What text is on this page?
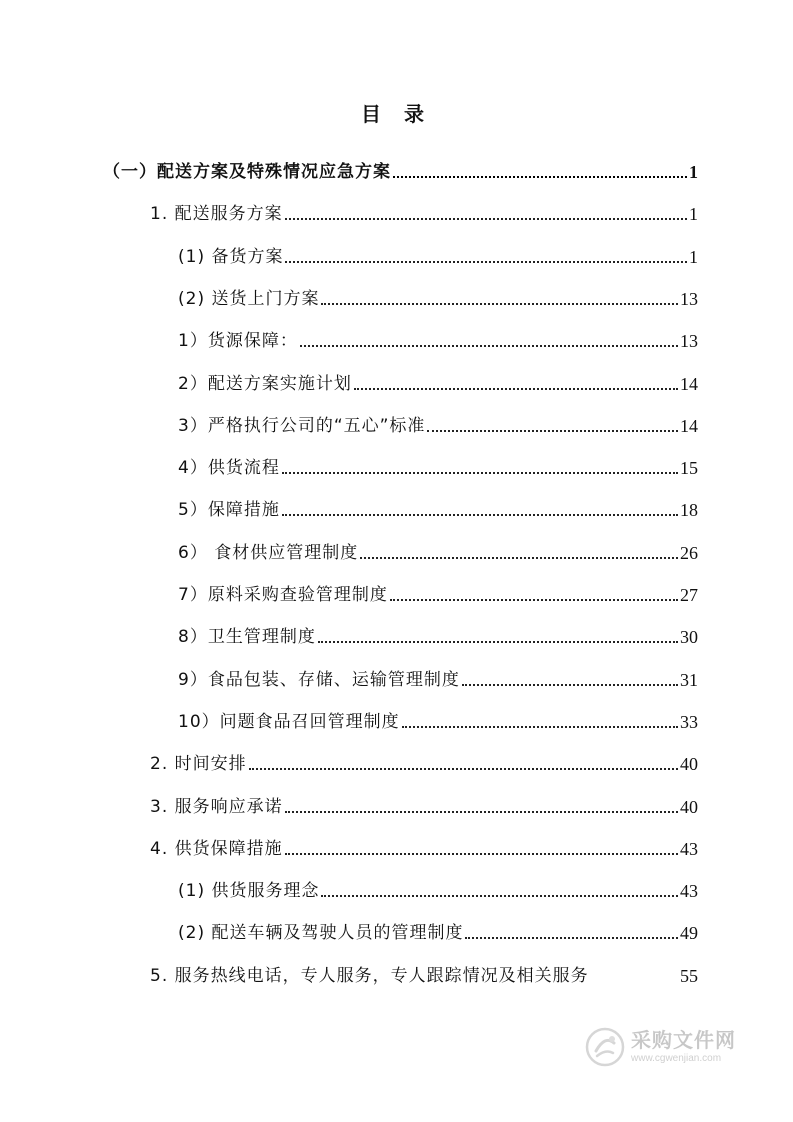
目 录
（一）配送方案及特殊情况应急方案	1
1. 配送服务方案	1
(1) 备货方案	1
(2) 送货上门方案	13
1）货源保障：	13
2）配送方案实施计划	14
3）严格执行公司的“五心”标准	14
4）供货流程	15
5）保障措施	18
6） 食材供应管理制度	26
7）原料采购查验管理制度	27
8）卫生管理制度	30
9）食品包装、存储、运输管理制度	31
10）问题食品召回管理制度	33
2. 时间安排	40
3. 服务响应承诺	40
4. 供货保障措施	43
(1) 供货服务理念	43
(2) 配送车辆及驾驶人员的管理制度	49
5. 服务热线电话，专人服务，专人跟踪情况及相关服务	55
采购文件网
www.cgwenjian.com
